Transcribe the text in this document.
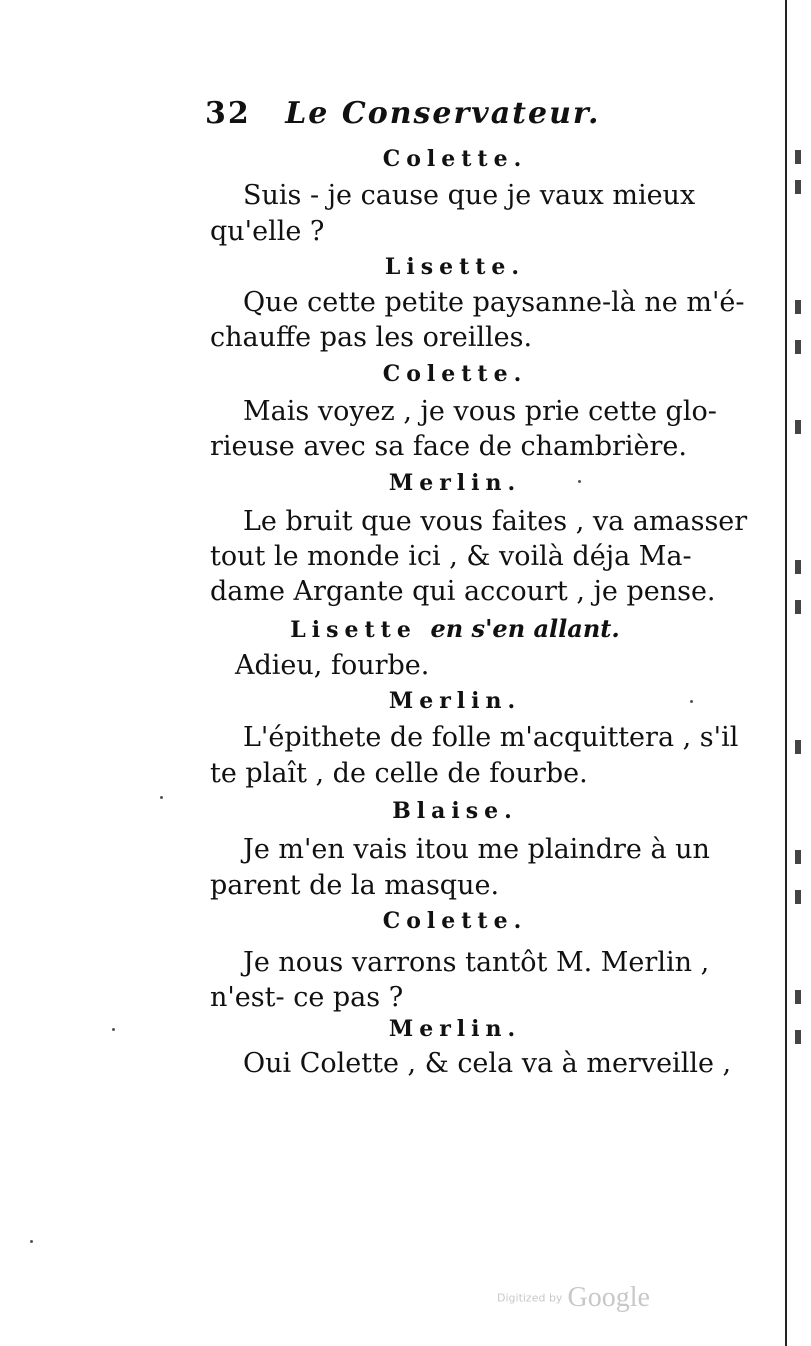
32 Le Conservateur.
Colette.
Suis - je cause que je vaux mieux
qu'elle ?
Lisette.
Que cette petite paysanne-là ne m'é-
chauffe pas les oreilles.
Colette.
Mais voyez , je vous prie cette glo-
rieuse avec sa face de chambrière.
Merlin.
Le bruit que vous faites , va amasser
tout le monde ici , & voilà déja Ma-
dame Argante qui accourt , je pense.
Lisette en s'en allant.
Adieu, fourbe.
Merlin.
L'épithete de folle m'acquittera , s'il
te plaît , de celle de fourbe.
Blaise.
Je m'en vais itou me plaindre à un
parent de la masque.
Colette.
Je nous varrons tantôt M. Merlin ,
n'est- ce pas ?
Merlin.
Oui Colette , & cela va à merveille ,
Digitized by Google
